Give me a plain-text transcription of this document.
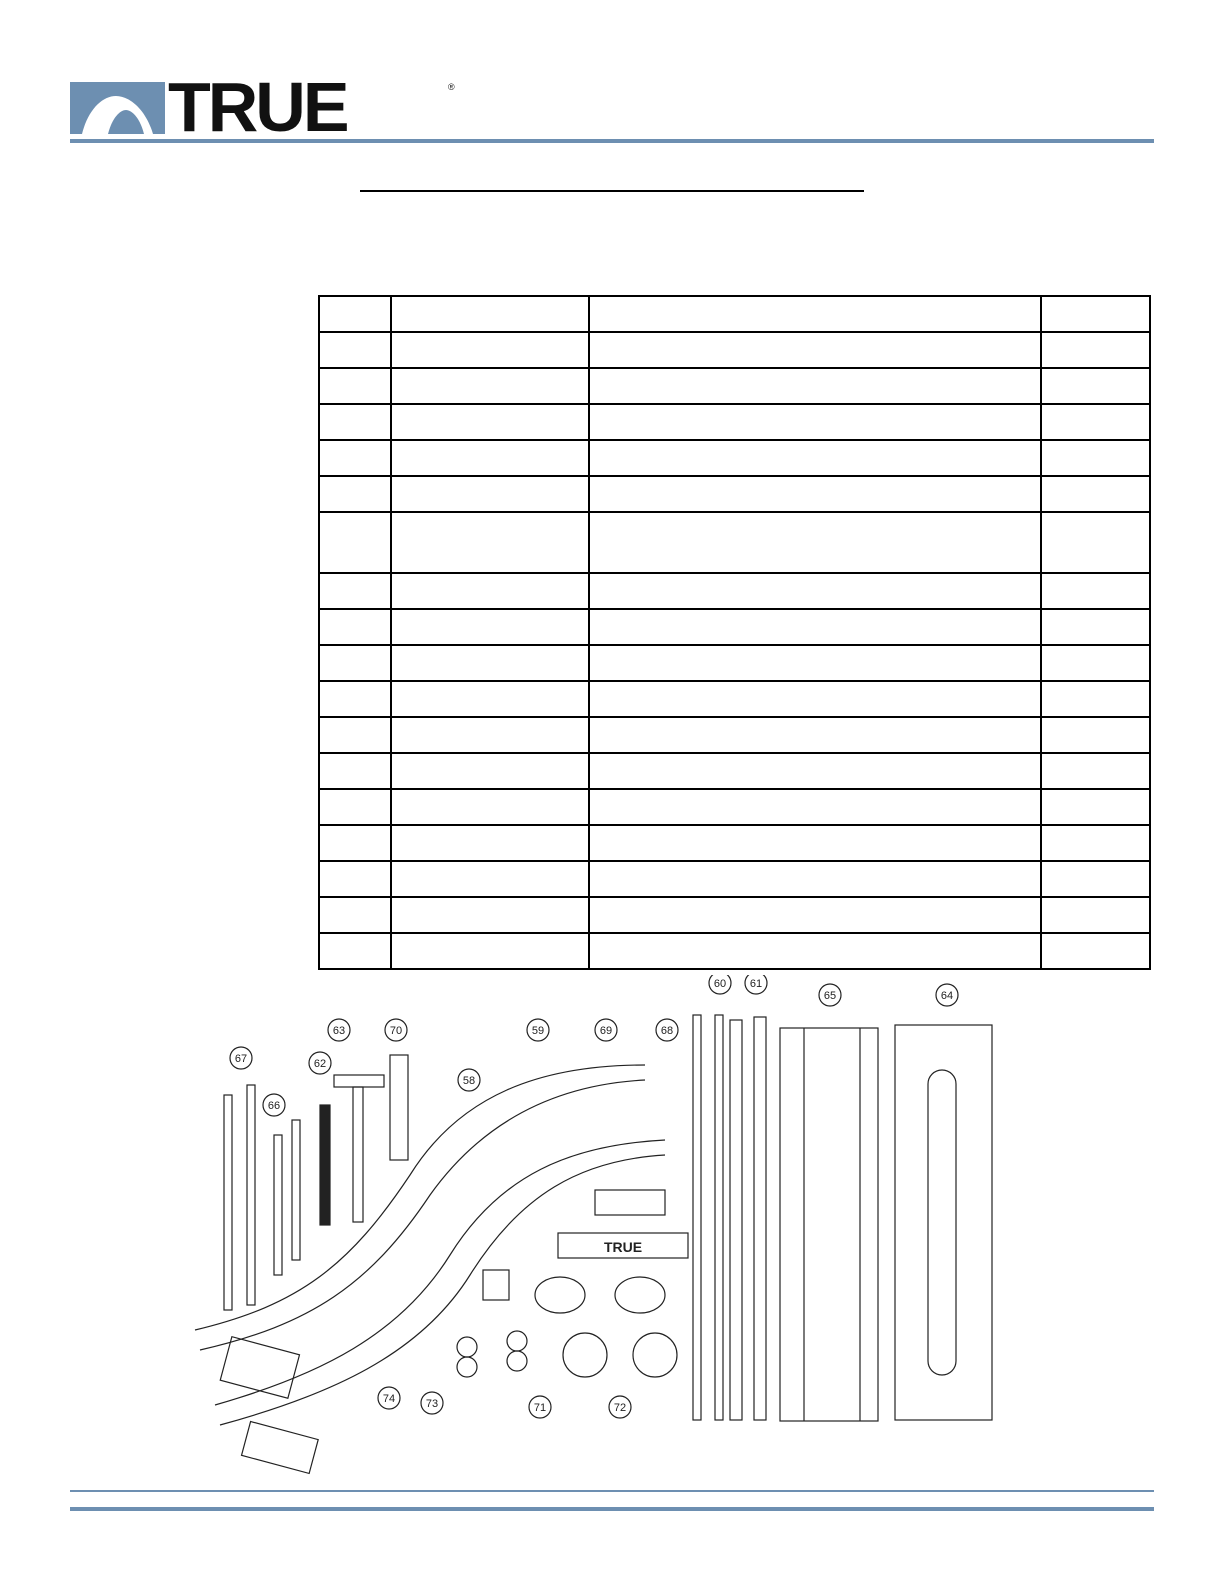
TRUE	®

TRUE
60 61
65	64
63	70	59	69	68
67	62
58
66
74	73	71	72
